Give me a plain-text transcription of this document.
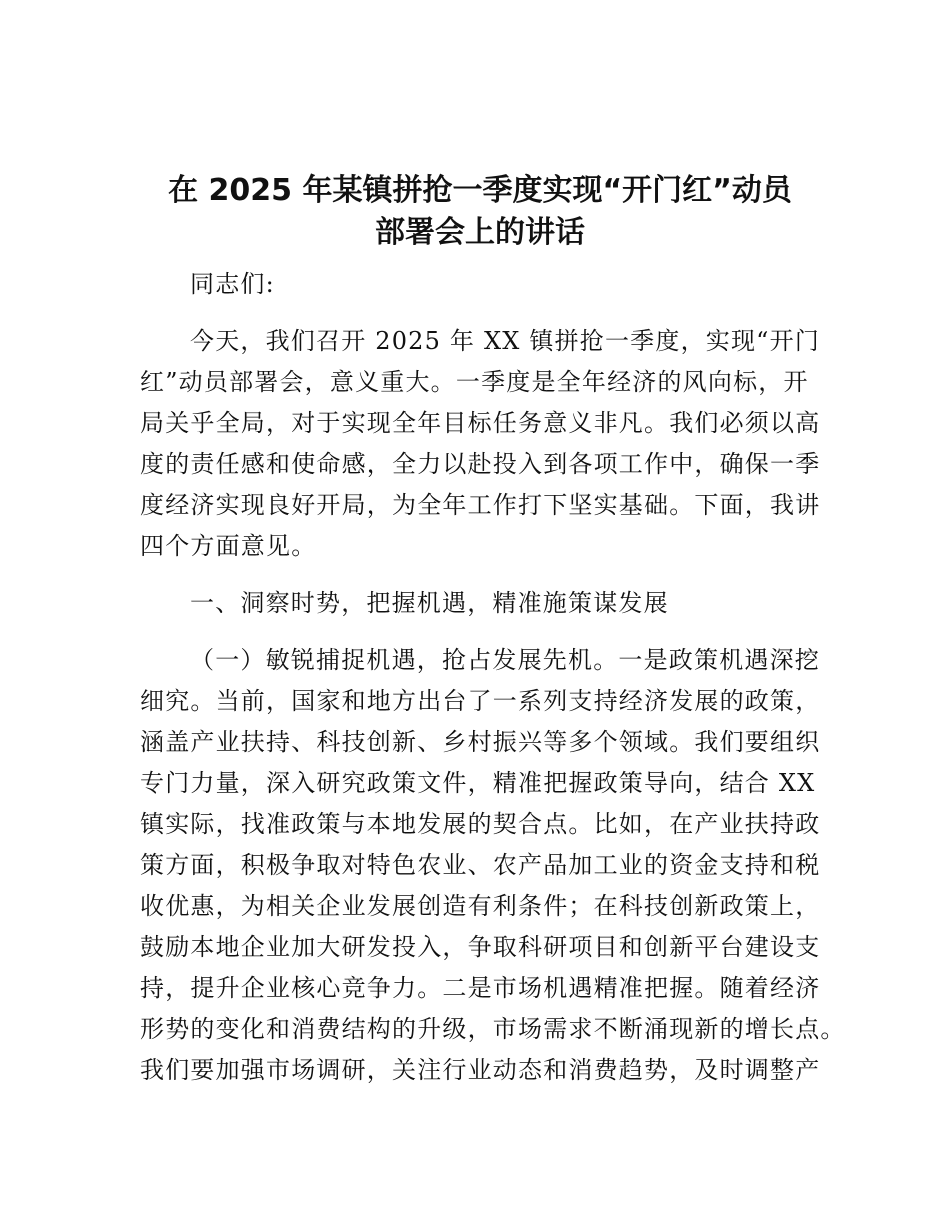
在 2025 年某镇拼抢一季度实现“开门红”动员
部署会上的讲话
同志们:
今天，我们召开 2025 年 XX 镇拼抢一季度，实现“开门
红”动员部署会，意义重大。一季度是全年经济的风向标，开
局关乎全局，对于实现全年目标任务意义非凡。我们必须以高
度的责任感和使命感，全力以赴投入到各项工作中，确保一季
度经济实现良好开局，为全年工作打下坚实基础。下面，我讲
四个方面意见。
一、洞察时势，把握机遇，精准施策谋发展
（一）敏锐捕捉机遇，抢占发展先机。一是政策机遇深挖
细究。当前，国家和地方出台了一系列支持经济发展的政策，
涵盖产业扶持、科技创新、乡村振兴等多个领域。我们要组织
专门力量，深入研究政策文件，精准把握政策导向，结合 XX
镇实际，找准政策与本地发展的契合点。比如，在产业扶持政
策方面，积极争取对特色农业、农产品加工业的资金支持和税
收优惠，为相关企业发展创造有利条件；在科技创新政策上，
鼓励本地企业加大研发投入，争取科研项目和创新平台建设支
持，提升企业核心竞争力。二是市场机遇精准把握。随着经济
形势的变化和消费结构的升级，市场需求不断涌现新的增长点。
我们要加强市场调研，关注行业动态和消费趋势，及时调整产
